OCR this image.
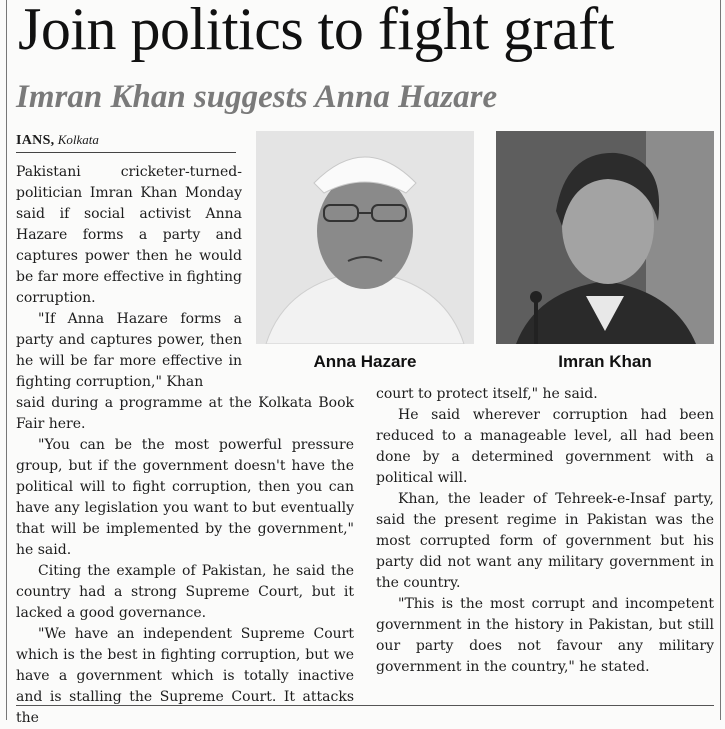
Join politics to fight graft
Imran Khan suggests Anna Hazare
IANS, Kolkata
Anna Hazare	Imran Khan

Pakistani cricketer-turned-politician Imran Khan Monday said if social activist Anna Hazare forms a party and captures power then he would be far more effective in fighting corruption.

"If Anna Hazare forms a party and captures power, then he will be far more effective in fighting corruption," Khan

said during a programme at the Kolkata Book Fair here.

"You can be the most powerful pressure group, but if the government doesn't have the political will to fight corruption, then you can have any legislation you want to but eventually that will be implemented by the government," he said.

Citing the example of Pakistan, he said the country had a strong Supreme Court, but it lacked a good governance.

"We have an independent Supreme Court which is the best in fighting corruption, but we have a government which is totally inactive and is stalling the Supreme Court. It attacks the

court to protect itself," he said.

He said wherever corruption had been reduced to a manageable level, all had been done by a determined government with a political will.

Khan, the leader of Tehreek-e-Insaf party, said the present regime in Pakistan was the most corrupted form of government but his party did not want any military government in the country.

"This is the most corrupt and incompetent government in the history in Pakistan, but still our party does not favour any military government in the country," he stated.
